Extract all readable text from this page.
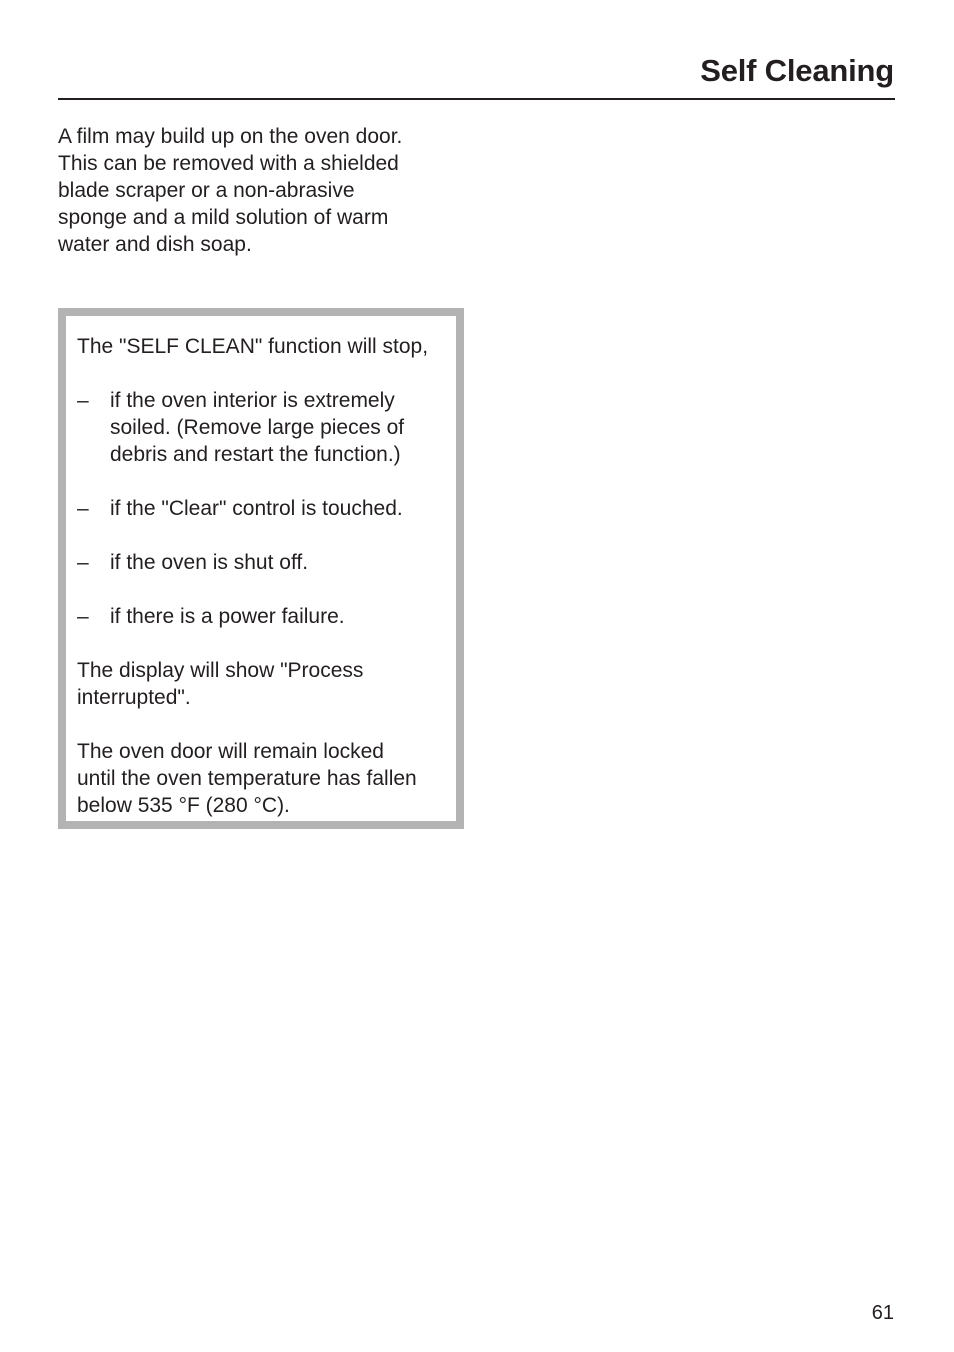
Self Cleaning

A film may build up on the oven door.
This can be removed with a shielded
blade scraper or a non-abrasive
sponge and a mild solution of warm
water and dish soap.

The "SELF CLEAN" function will stop,

– if the oven interior is extremely

soiled. (Remove large pieces of

debris and restart the function.)

– if the "Clear" control is touched.

– if the oven is shut off.

– if there is a power failure.

The display will show "Process

interrupted".

The oven door will remain locked

until the oven temperature has fallen

below 535 °F (280 °C).

61
